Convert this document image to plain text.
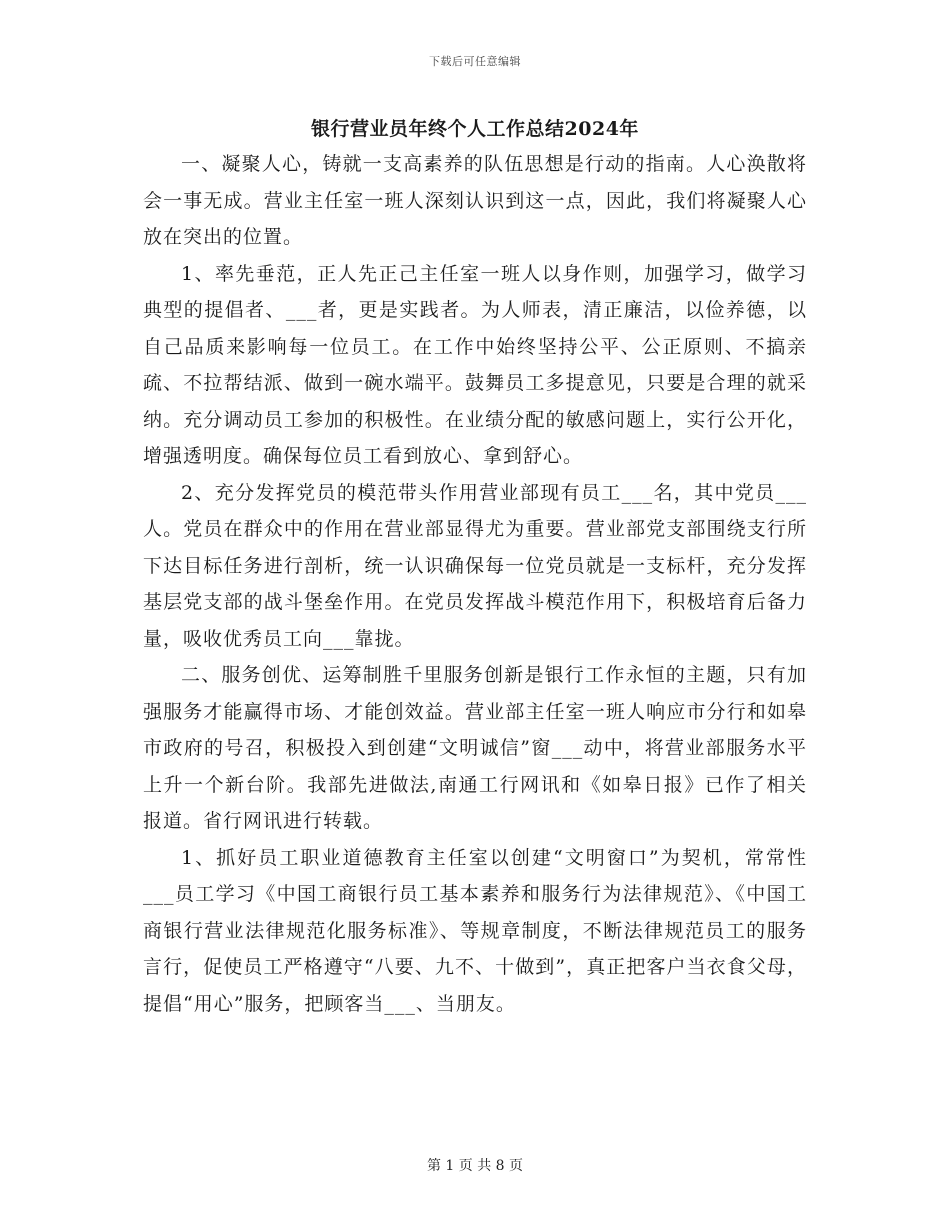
下载后可任意编辑
银行营业员年终个人工作总结2024年

一、凝聚人心，铸就一支高素养的队伍思想是行动的指南。人心涣散将会一事无成。营业主任室一班人深刻认识到这一点，因此，我们将凝聚人心放在突出的位置。

1、率先垂范，正人先正己主任室一班人以身作则，加强学习，做学习典型的提倡者、___者，更是实践者。为人师表，清正廉洁，以俭养德，以自己品质来影响每一位员工。在工作中始终坚持公平、公正原则、不搞亲疏、不拉帮结派、做到一碗水端平。鼓舞员工多提意见，只要是合理的就采纳。充分调动员工参加的积极性。在业绩分配的敏感问题上，实行公开化，增强透明度。确保每位员工看到放心、拿到舒心。

2、充分发挥党员的模范带头作用营业部现有员工___名，其中党员___人。党员在群众中的作用在营业部显得尤为重要。营业部党支部围绕支行所下达目标任务进行剖析，统一认识确保每一位党员就是一支标杆，充分发挥基层党支部的战斗堡垒作用。在党员发挥战斗模范作用下，积极培育后备力量，吸收优秀员工向___靠拢。

二、服务创优、运筹制胜千里服务创新是银行工作永恒的主题，只有加强服务才能赢得市场、才能创效益。营业部主任室一班人响应市分行和如皋市政府的号召，积极投入到创建“文明诚信”窗___动中，将营业部服务水平上升一个新台阶。我部先进做法,南通工行网讯和《如皋日报》已作了相关报道。省行网讯进行转载。

1、抓好员工职业道德教育主任室以创建“文明窗口”为契机，常常性___员工学习《中国工商银行员工基本素养和服务行为法律规范》、《中国工商银行营业法律规范化服务标准》、等规章制度，不断法律规范员工的服务言行，促使员工严格遵守“八要、九不、十做到”，真正把客户当衣食父母，提倡“用心”服务，把顾客当___、当朋友。

第 1 页 共 8 页
